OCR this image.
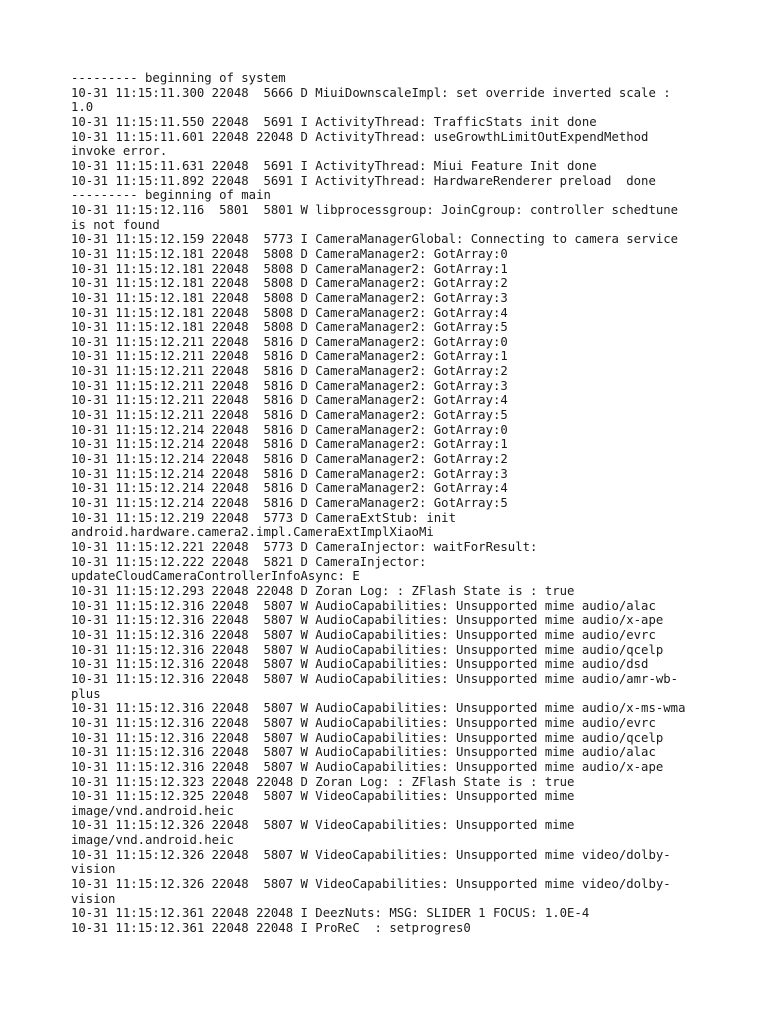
--------- beginning of system
10-31 11:15:11.300 22048  5666 D MiuiDownscaleImpl: set override inverted scale :
1.0
10-31 11:15:11.550 22048  5691 I ActivityThread: TrafficStats init done
10-31 11:15:11.601 22048 22048 D ActivityThread: useGrowthLimitOutExpendMethod
invoke error.
10-31 11:15:11.631 22048  5691 I ActivityThread: Miui Feature Init done
10-31 11:15:11.892 22048  5691 I ActivityThread: HardwareRenderer preload  done
--------- beginning of main
10-31 11:15:12.116  5801  5801 W libprocessgroup: JoinCgroup: controller schedtune
is not found
10-31 11:15:12.159 22048  5773 I CameraManagerGlobal: Connecting to camera service
10-31 11:15:12.181 22048  5808 D CameraManager2: GotArray:0
10-31 11:15:12.181 22048  5808 D CameraManager2: GotArray:1
10-31 11:15:12.181 22048  5808 D CameraManager2: GotArray:2
10-31 11:15:12.181 22048  5808 D CameraManager2: GotArray:3
10-31 11:15:12.181 22048  5808 D CameraManager2: GotArray:4
10-31 11:15:12.181 22048  5808 D CameraManager2: GotArray:5
10-31 11:15:12.211 22048  5816 D CameraManager2: GotArray:0
10-31 11:15:12.211 22048  5816 D CameraManager2: GotArray:1
10-31 11:15:12.211 22048  5816 D CameraManager2: GotArray:2
10-31 11:15:12.211 22048  5816 D CameraManager2: GotArray:3
10-31 11:15:12.211 22048  5816 D CameraManager2: GotArray:4
10-31 11:15:12.211 22048  5816 D CameraManager2: GotArray:5
10-31 11:15:12.214 22048  5816 D CameraManager2: GotArray:0
10-31 11:15:12.214 22048  5816 D CameraManager2: GotArray:1
10-31 11:15:12.214 22048  5816 D CameraManager2: GotArray:2
10-31 11:15:12.214 22048  5816 D CameraManager2: GotArray:3
10-31 11:15:12.214 22048  5816 D CameraManager2: GotArray:4
10-31 11:15:12.214 22048  5816 D CameraManager2: GotArray:5
10-31 11:15:12.219 22048  5773 D CameraExtStub: init
android.hardware.camera2.impl.CameraExtImplXiaoMi
10-31 11:15:12.221 22048  5773 D CameraInjector: waitForResult:
10-31 11:15:12.222 22048  5821 D CameraInjector:
updateCloudCameraControllerInfoAsync: E
10-31 11:15:12.293 22048 22048 D Zoran Log: : ZFlash State is : true
10-31 11:15:12.316 22048  5807 W AudioCapabilities: Unsupported mime audio/alac
10-31 11:15:12.316 22048  5807 W AudioCapabilities: Unsupported mime audio/x-ape
10-31 11:15:12.316 22048  5807 W AudioCapabilities: Unsupported mime audio/evrc
10-31 11:15:12.316 22048  5807 W AudioCapabilities: Unsupported mime audio/qcelp
10-31 11:15:12.316 22048  5807 W AudioCapabilities: Unsupported mime audio/dsd
10-31 11:15:12.316 22048  5807 W AudioCapabilities: Unsupported mime audio/amr-wb-
plus
10-31 11:15:12.316 22048  5807 W AudioCapabilities: Unsupported mime audio/x-ms-wma
10-31 11:15:12.316 22048  5807 W AudioCapabilities: Unsupported mime audio/evrc
10-31 11:15:12.316 22048  5807 W AudioCapabilities: Unsupported mime audio/qcelp
10-31 11:15:12.316 22048  5807 W AudioCapabilities: Unsupported mime audio/alac
10-31 11:15:12.316 22048  5807 W AudioCapabilities: Unsupported mime audio/x-ape
10-31 11:15:12.323 22048 22048 D Zoran Log: : ZFlash State is : true
10-31 11:15:12.325 22048  5807 W VideoCapabilities: Unsupported mime
image/vnd.android.heic
10-31 11:15:12.326 22048  5807 W VideoCapabilities: Unsupported mime
image/vnd.android.heic
10-31 11:15:12.326 22048  5807 W VideoCapabilities: Unsupported mime video/dolby-
vision
10-31 11:15:12.326 22048  5807 W VideoCapabilities: Unsupported mime video/dolby-
vision
10-31 11:15:12.361 22048 22048 I DeezNuts: MSG: SLIDER 1 FOCUS: 1.0E-4
10-31 11:15:12.361 22048 22048 I ProReC  : setprogres0
